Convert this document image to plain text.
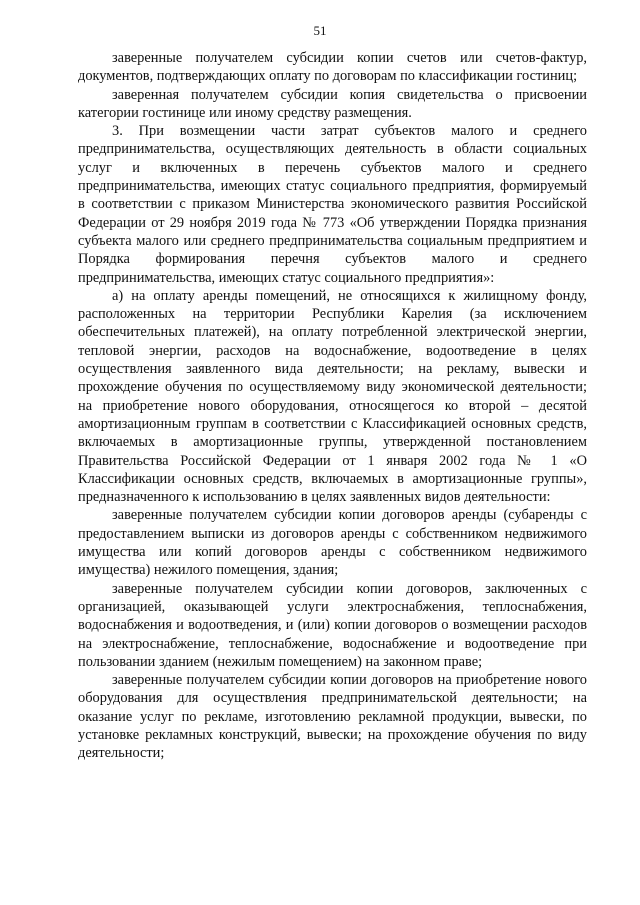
51

заверенные получателем субсидии копии счетов или счетов-фактур, документов, подтверждающих оплату по договорам по классификации гостиниц;

заверенная получателем субсидии копия свидетельства о присвоении категории гостинице или иному средству размещения.

3. При возмещении части затрат субъектов малого и среднего предпринимательства, осуществляющих деятельность в области социальных услуг и включенных в перечень субъектов малого и среднего предпринимательства, имеющих статус социального предприятия, формируемый в соответствии с приказом Министерства экономического развития Российской Федерации от 29 ноября 2019 года № 773 «Об утверждении Порядка признания субъекта малого или среднего предпринимательства социальным предприятием и Порядка формирования перечня субъектов малого и среднего предпринимательства, имеющих статус социального предприятия»:

а) на оплату аренды помещений, не относящихся к жилищному фонду, расположенных на территории Республики Карелия (за исключением обеспечительных платежей), на оплату потребленной электрической энергии, тепловой энергии, расходов на водоснабжение, водоотведение в целях осуществления заявленного вида деятельности; на рекламу, вывески и прохождение обучения по осуществляемому виду экономической деятельности; на приобретение нового оборудования, относящегося ко второй – десятой амортизационным группам в соответствии с Классификацией основных средств, включаемых в амортизационные группы, утвержденной постановлением Правительства Российской Федерации от 1 января 2002 года № 1 «О Классификации основных средств, включаемых в амортизационные группы», предназначенного к использованию в целях заявленных видов деятельности:

заверенные получателем субсидии копии договоров аренды (субаренды с предоставлением выписки из договоров аренды с собственником недвижимого имущества или копий договоров аренды с собственником недвижимого имущества) нежилого помещения, здания;

заверенные получателем субсидии копии договоров, заключенных с организацией, оказывающей услуги электроснабжения, теплоснабжения, водоснабжения и водоотведения, и (или) копии договоров о возмещении расходов на электроснабжение, теплоснабжение, водоснабжение и водоотведение при пользовании зданием (нежилым помещением) на законном праве;

заверенные получателем субсидии копии договоров на приобретение нового оборудования для осуществления предпринимательской деятельности; на оказание услуг по рекламе, изготовлению рекламной продукции, вывески, по установке рекламных конструкций, вывески; на прохождение обучения по виду деятельности;
